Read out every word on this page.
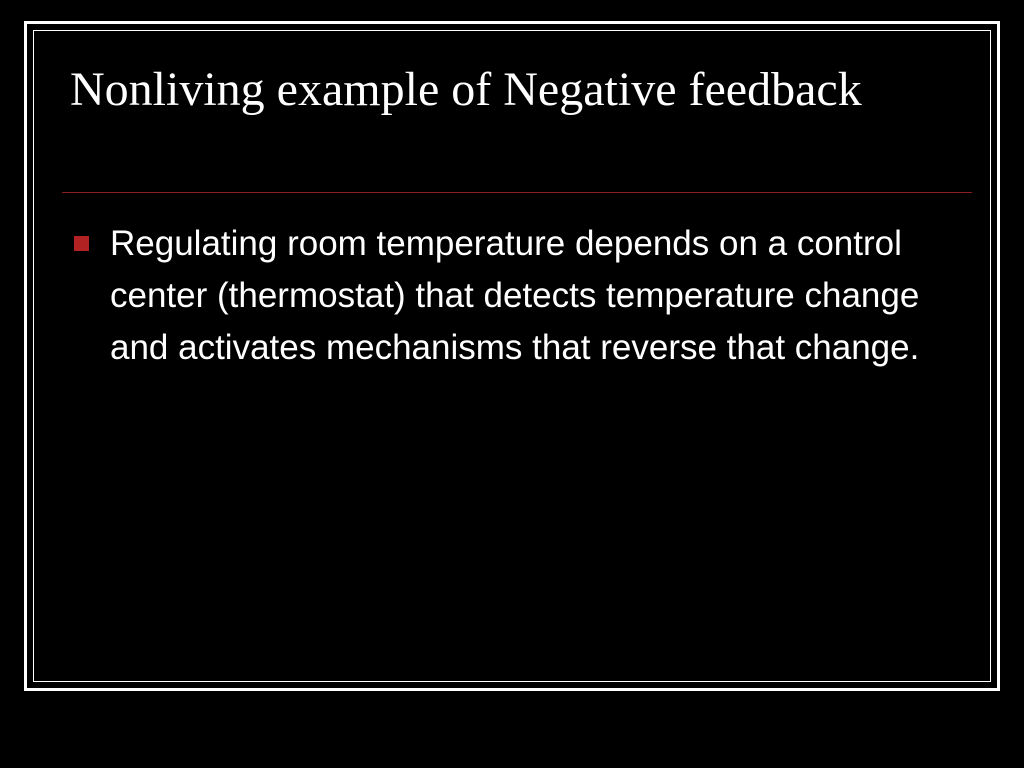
Nonliving example of Negative feedback
Regulating room temperature depends on a control center (thermostat) that detects temperature change and activates mechanisms that reverse that change.
